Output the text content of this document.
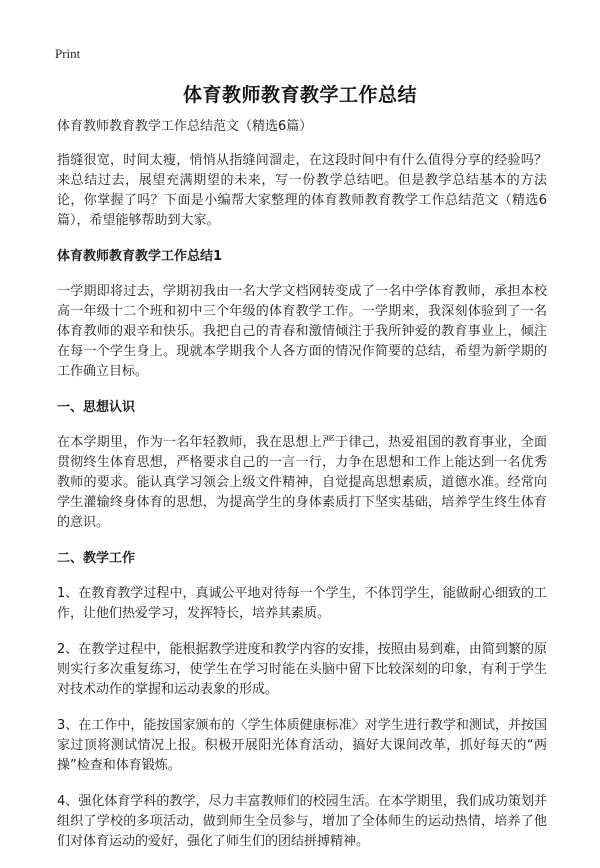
Print
体育教师教育教学工作总结

体育教师教育教学工作总结范文（精选6篇）

指缝很宽，时间太瘦，悄悄从指缝间溜走，在这段时间中有什么值得分享的经验吗？来总结过去，展望充满期望的未来，写一份教学总结吧。但是教学总结基本的方法论，你掌握了吗？下面是小编帮大家整理的体育教师教育教学工作总结范文（精选6篇），希望能够帮助到大家。

体育教师教育教学工作总结1

一学期即将过去，学期初我由一名大学文档网转变成了一名中学体育教师，承担本校高一年级十二个班和初中三个年级的体育教学工作。一学期来，我深刻体验到了一名体育教师的艰辛和快乐。我把自己的青春和激情倾注于我所钟爱的教育事业上，倾注在每一个学生身上。现就本学期我个人各方面的情况作简要的总结，希望为新学期的工作确立目标。

一、思想认识

在本学期里，作为一名年轻教师，我在思想上严于律己，热爱祖国的教育事业，全面贯彻终生体育思想，严格要求自己的一言一行，力争在思想和工作上能达到一名优秀教师的要求。能认真学习领会上级文件精神，自觉提高思想素质，道德水准。经常向学生灌输终身体育的思想，为提高学生的身体素质打下坚实基础，培养学生终生体育的意识。

二、教学工作

1、在教育教学过程中，真诚公平地对待每一个学生，不体罚学生，能做耐心细致的工作，让他们热爱学习，发挥特长，培养其素质。

2、在教学过程中，能根据教学进度和教学内容的安排，按照由易到难，由简到繁的原则实行多次重复练习，使学生在学习时能在头脑中留下比较深刻的印象，有利于学生对技术动作的掌握和运动表象的形成。

3、在工作中，能按国家颁布的〈学生体质健康标准〉对学生进行教学和测试，并按国家过顶将测试情况上报。积极开展阳光体育活动，搞好大课间改革，抓好每天的“两操”检查和体育锻炼。

4、强化体育学科的教学，尽力丰富教师们的校园生活。在本学期里，我们成功策划并组织了学校的多项活动，做到师生全员参与，增加了全体师生的运动热情，培养了他们对体育运动的爱好，强化了师生们的团结拼搏精神。
